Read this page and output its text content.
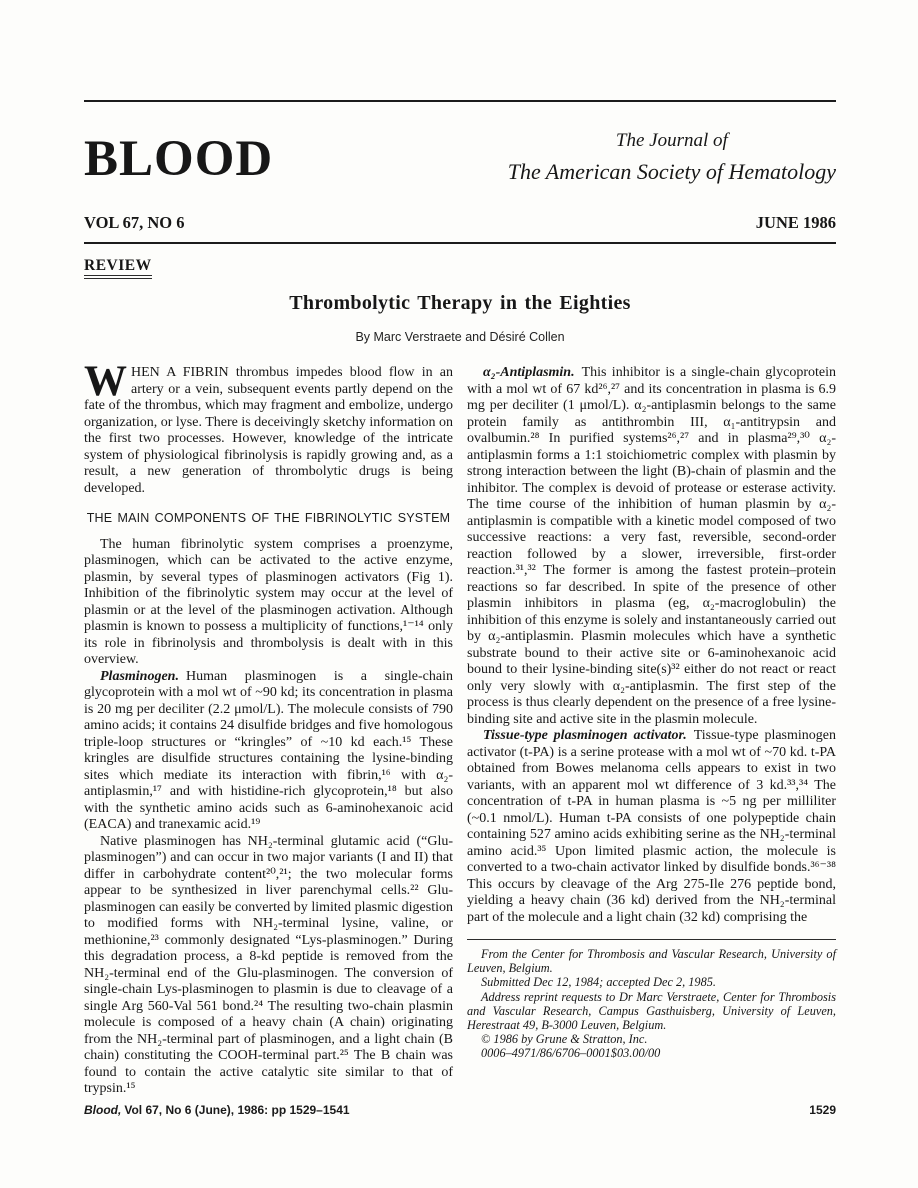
BLOOD	The Journal of
The American Society of Hematology
VOL 67, NO 6	JUNE 1986
REVIEW
Thrombolytic Therapy in the Eighties
By Marc Verstraete and Désiré Collen

WHEN A FIBRIN thrombus impedes blood flow in an artery or a vein, subsequent events partly depend on the fate of the thrombus, which may fragment and embolize, undergo organization, or lyse. There is deceivingly sketchy information on the first two processes. However, knowledge of the intricate system of physiological fibrinolysis is rapidly growing and, as a result, a new generation of thrombolytic drugs is being developed.

THE MAIN COMPONENTS OF THE FIBRINOLYTIC SYSTEM

The human fibrinolytic system comprises a proenzyme, plasminogen, which can be activated to the active enzyme, plasmin, by several types of plasminogen activators (Fig 1). Inhibition of the fibrinolytic system may occur at the level of plasmin or at the level of the plasminogen activation. Although plasmin is known to possess a multiplicity of functions,¹⁻¹⁴ only its role in fibrinolysis and thrombolysis is dealt with in this overview.

Plasminogen. Human plasminogen is a single-chain glycoprotein with a mol wt of ~90 kd; its concentration in plasma is 20 mg per deciliter (2.2 μmol/L). The molecule consists of 790 amino acids; it contains 24 disulfide bridges and five homologous triple-loop structures or “kringles” of ~10 kd each.¹⁵ These kringles are disulfide structures containing the lysine-binding sites which mediate its interaction with fibrin,¹⁶ with α₂-antiplasmin,¹⁷ and with histidine-rich glycoprotein,¹⁸ but also with the synthetic amino acids such as 6-aminohexanoic acid (EACA) and tranexamic acid.¹⁹

Native plasminogen has NH₂-terminal glutamic acid (“Glu-plasminogen”) and can occur in two major variants (I and II) that differ in carbohydrate content²⁰,²¹; the two molecular forms appear to be synthesized in liver parenchymal cells.²² Glu-plasminogen can easily be converted by limited plasmic digestion to modified forms with NH₂-terminal lysine, valine, or methionine,²³ commonly designated “Lys-plasminogen.” During this degradation process, a 8-kd peptide is removed from the NH₂-terminal end of the Glu-plasminogen. The conversion of single-chain Lys-plasminogen to plasmin is due to cleavage of a single Arg 560-Val 561 bond.²⁴ The resulting two-chain plasmin molecule is composed of a heavy chain (A chain) originating from the NH₂-terminal part of plasminogen, and a light chain (B chain) constituting the COOH-terminal part.²⁵ The B chain was found to contain the active catalytic site similar to that of trypsin.¹⁵

α₂-Antiplasmin. This inhibitor is a single-chain glycoprotein with a mol wt of 67 kd²⁶,²⁷ and its concentration in plasma is 6.9 mg per deciliter (1 μmol/L). α₂-antiplasmin belongs to the same protein family as antithrombin III, α₁-antitrypsin and ovalbumin.²⁸ In purified systems²⁶,²⁷ and in plasma²⁹,³⁰ α₂-antiplasmin forms a 1:1 stoichiometric complex with plasmin by strong interaction between the light (B)-chain of plasmin and the inhibitor. The complex is devoid of protease or esterase activity. The time course of the inhibition of human plasmin by α₂-antiplasmin is compatible with a kinetic model composed of two successive reactions: a very fast, reversible, second-order reaction followed by a slower, irreversible, first-order reaction.³¹,³² The former is among the fastest protein–protein reactions so far described. In spite of the presence of other plasmin inhibitors in plasma (eg, α₂-macroglobulin) the inhibition of this enzyme is solely and instantaneously carried out by α₂-antiplasmin. Plasmin molecules which have a synthetic substrate bound to their active site or 6-aminohexanoic acid bound to their lysine-binding site(s)³² either do not react or react only very slowly with α₂-antiplasmin. The first step of the process is thus clearly dependent on the presence of a free lysine-binding site and active site in the plasmin molecule.

Tissue-type plasminogen activator. Tissue-type plasminogen activator (t-PA) is a serine protease with a mol wt of ~70 kd. t-PA obtained from Bowes melanoma cells appears to exist in two variants, with an apparent mol wt difference of 3 kd.³³,³⁴ The concentration of t-PA in human plasma is ~5 ng per milliliter (~0.1 nmol/L). Human t-PA consists of one polypeptide chain containing 527 amino acids exhibiting serine as the NH₂-terminal amino acid.³⁵ Upon limited plasmic action, the molecule is converted to a two-chain activator linked by disulfide bonds.³⁶⁻³⁸ This occurs by cleavage of the Arg 275-Ile 276 peptide bond, yielding a heavy chain (36 kd) derived from the NH₂-terminal part of the molecule and a light chain (32 kd) comprising the

From the Center for Thrombosis and Vascular Research, University of Leuven, Belgium.

Submitted Dec 12, 1984; accepted Dec 2, 1985.

Address reprint requests to Dr Marc Verstraete, Center for Thrombosis and Vascular Research, Campus Gasthuisberg, University of Leuven, Herestraat 49, B-3000 Leuven, Belgium.

© 1986 by Grune & Stratton, Inc.

0006–4971/86/6706–0001$03.00/00

Blood, Vol 67, No 6 (June), 1986: pp 1529–1541	1529
